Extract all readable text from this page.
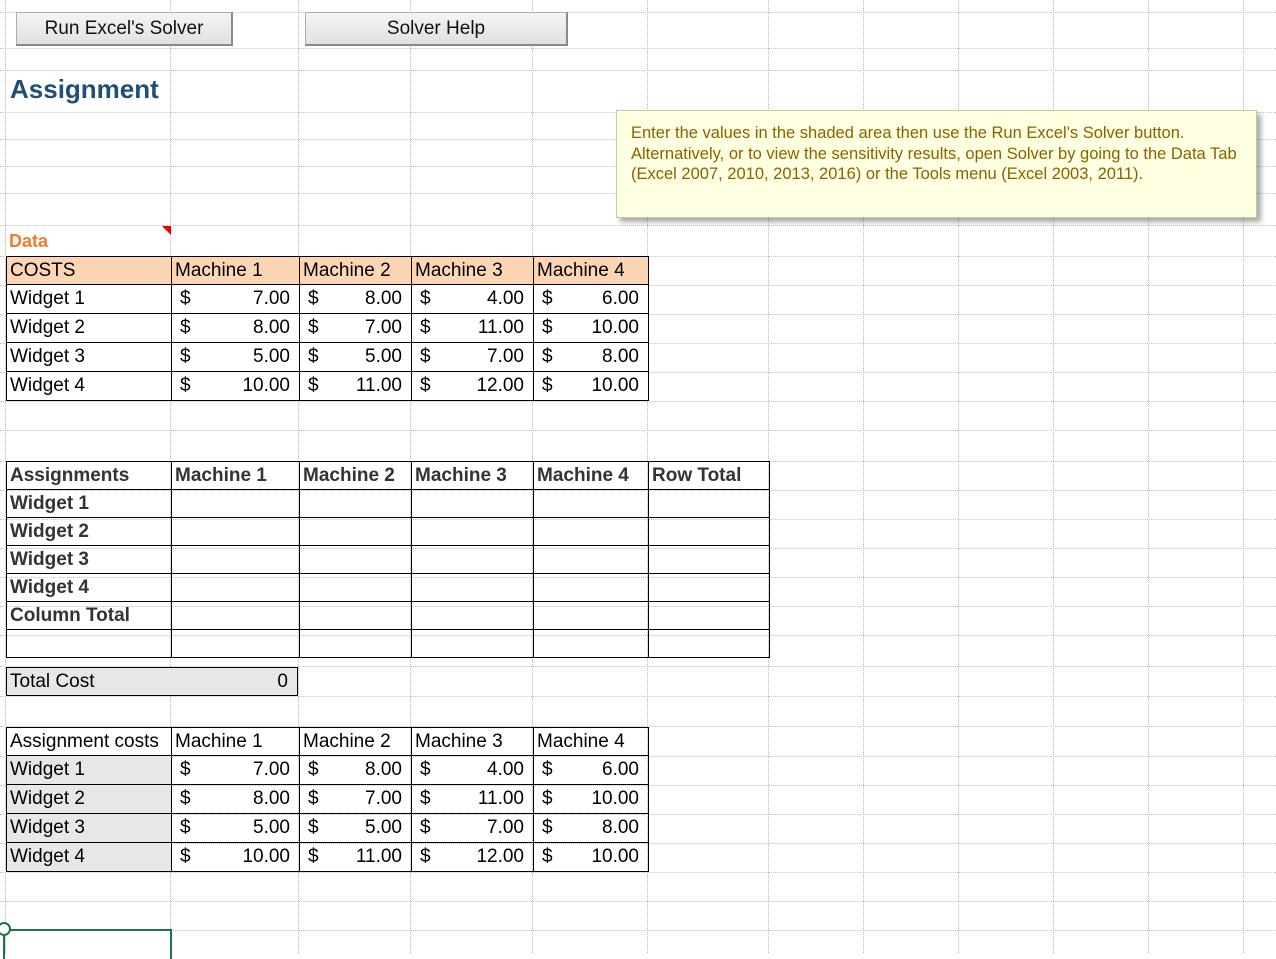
Run Excel's Solver	Solver Help
Assignment
Enter the values in the shaded area then use the Run Excel's Solver button. Alternatively, or to view the sensitivity results, open Solver by going to the Data Tab (Excel 2007, 2010, 2013, 2016) or the Tools menu (Excel 2003, 2011).
Data
COSTS	Machine 1	Machine 2	Machine 3	Machine 4
Widget 1	$ 7.00	$ 8.00	$ 4.00	$ 6.00

Widget 2	$ 8.00	$ 7.00	$ 11.00	$ 10.00

Widget 3	$ 5.00	$ 5.00	$ 7.00	$ 8.00

Widget 4	$ 10.00	$ 11.00	$ 12.00	$ 10.00
Assignments	Machine 1	Machine 2	Machine 3	Machine 4	Row Total
Widget 1					
Widget 2					
Widget 3					
Widget 4					
Column Total					

Total Cost	0
Assignment costs	Machine 1	Machine 2	Machine 3	Machine 4
Widget 1	$ 7.00	$ 8.00	$ 4.00	$ 6.00

Widget 2	$ 8.00	$ 7.00	$ 11.00	$ 10.00

Widget 3	$ 5.00	$ 5.00	$ 7.00	$ 8.00

Widget 4	$ 10.00	$ 11.00	$ 12.00	$ 10.00
